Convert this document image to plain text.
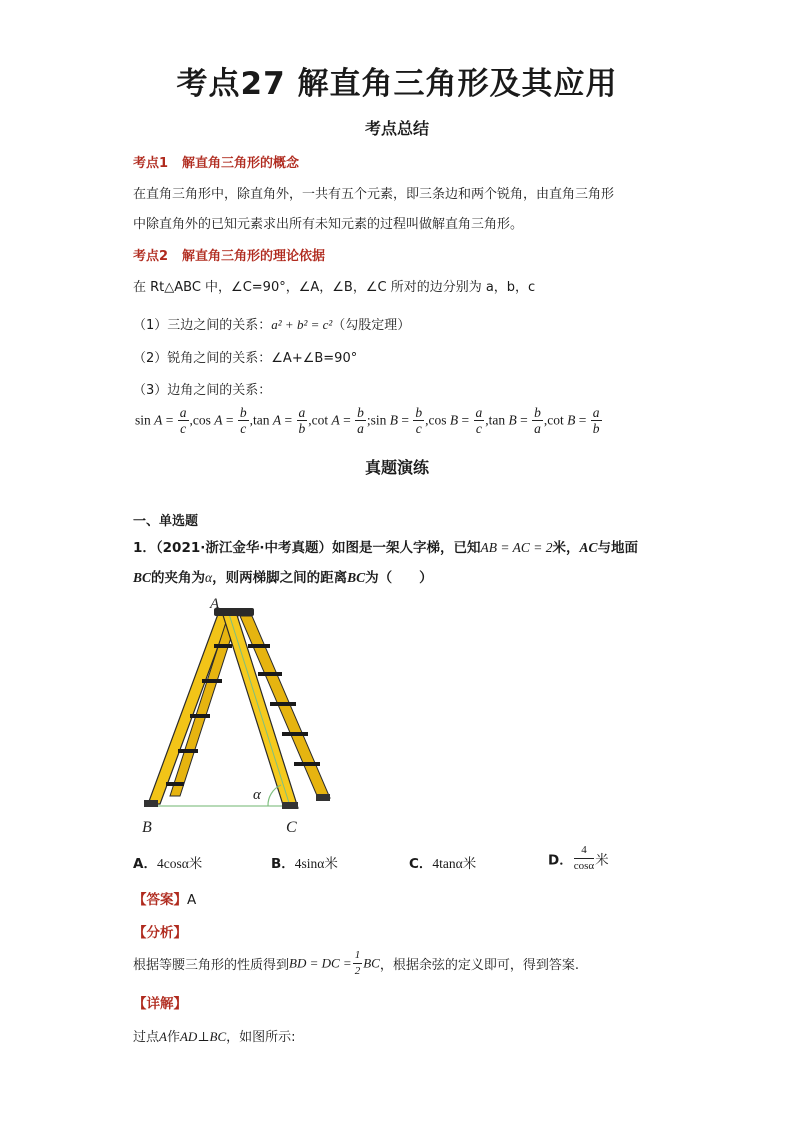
考点27 解直角三角形及其应用
考点总结
考点1 解直角三角形的概念
在直角三角形中，除直角外，一共有五个元素，即三条边和两个锐角，由直角三角形
中除直角外的已知元素求出所有未知元素的过程叫做解直角三角形。
考点2 解直角三角形的理论依据
在 Rt△ABC 中，∠C=90°，∠A，∠B，∠C 所对的边分别为 a，b，c
（1）三边之间的关系：a² + b² = c²（勾股定理）
（2）锐角之间的关系：∠A+∠B=90°
（3）边角之间的关系：
$\sin A = \frac{a}{c} ,\cos$ $A = \frac{b}{c} ,\tan$ $A = \frac{a}{b} ,\cot$ $A = \frac{b}{a}$ ;sin $B = \frac{b}{c} ,\cos$ $B = \frac{a}{c} ,\tan$ $B = \frac{b}{a} ,\cot$ $B = \frac{a}{b}$
真题演练
一、单选题
1．（2021·浙江金华·中考真题）如图是一架人字梯，已知AB = AC = 2米，AC与地面
BC的夹角为α，则两梯脚之间的距离BC为（　　）
α
A
B	C
A．4cosα米	B．4sinα米	C．4tanα米	D． $\frac{4}{\cos\alpha}$ 米
【答案】A
【分析】
根据等腰三角形的性质得到BD = DC = $\frac{1}{2}$ BC，根据余弦的定义即可，得到答案.
【详解】
过点A作AD⊥BC，如图所示:
